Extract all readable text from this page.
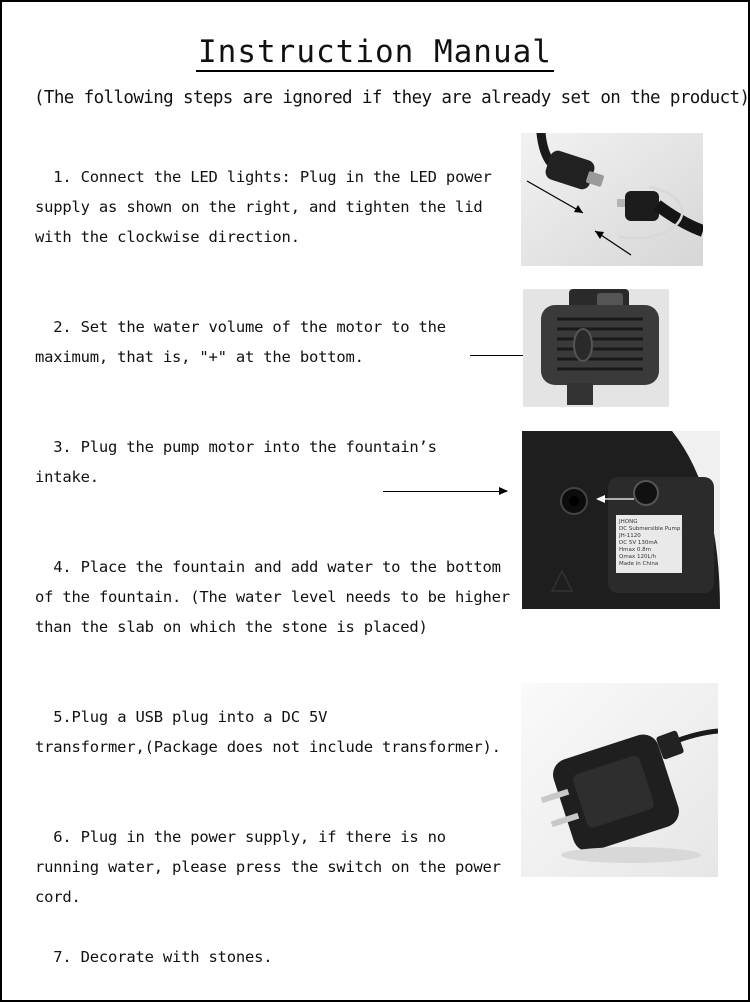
Instruction Manual
(The following steps are ignored if they are already set on the product)
1. Connect the LED lights: Plug in the LED power
supply as shown on the right, and tighten the lid
with the clockwise direction.
2. Set the water volume of the motor to the
maximum, that is, "+" at the bottom.
3. Plug the pump motor into the fountain’s
intake.
4. Place the fountain and add water to the bottom
of the fountain. (The water level needs to be higher
than the slab on which the stone is placed)
5.Plug a USB plug into a DC 5V
transformer,(Package does not include transformer).
6. Plug in the power supply, if there is no
running water, please press the switch on the power
cord.
7. Decorate with stones.
JHONG
DC Submersible Pump
JH-1120
DC 5V 130mA
Hmax 0.8m
Qmax 120L/h
Made in China
